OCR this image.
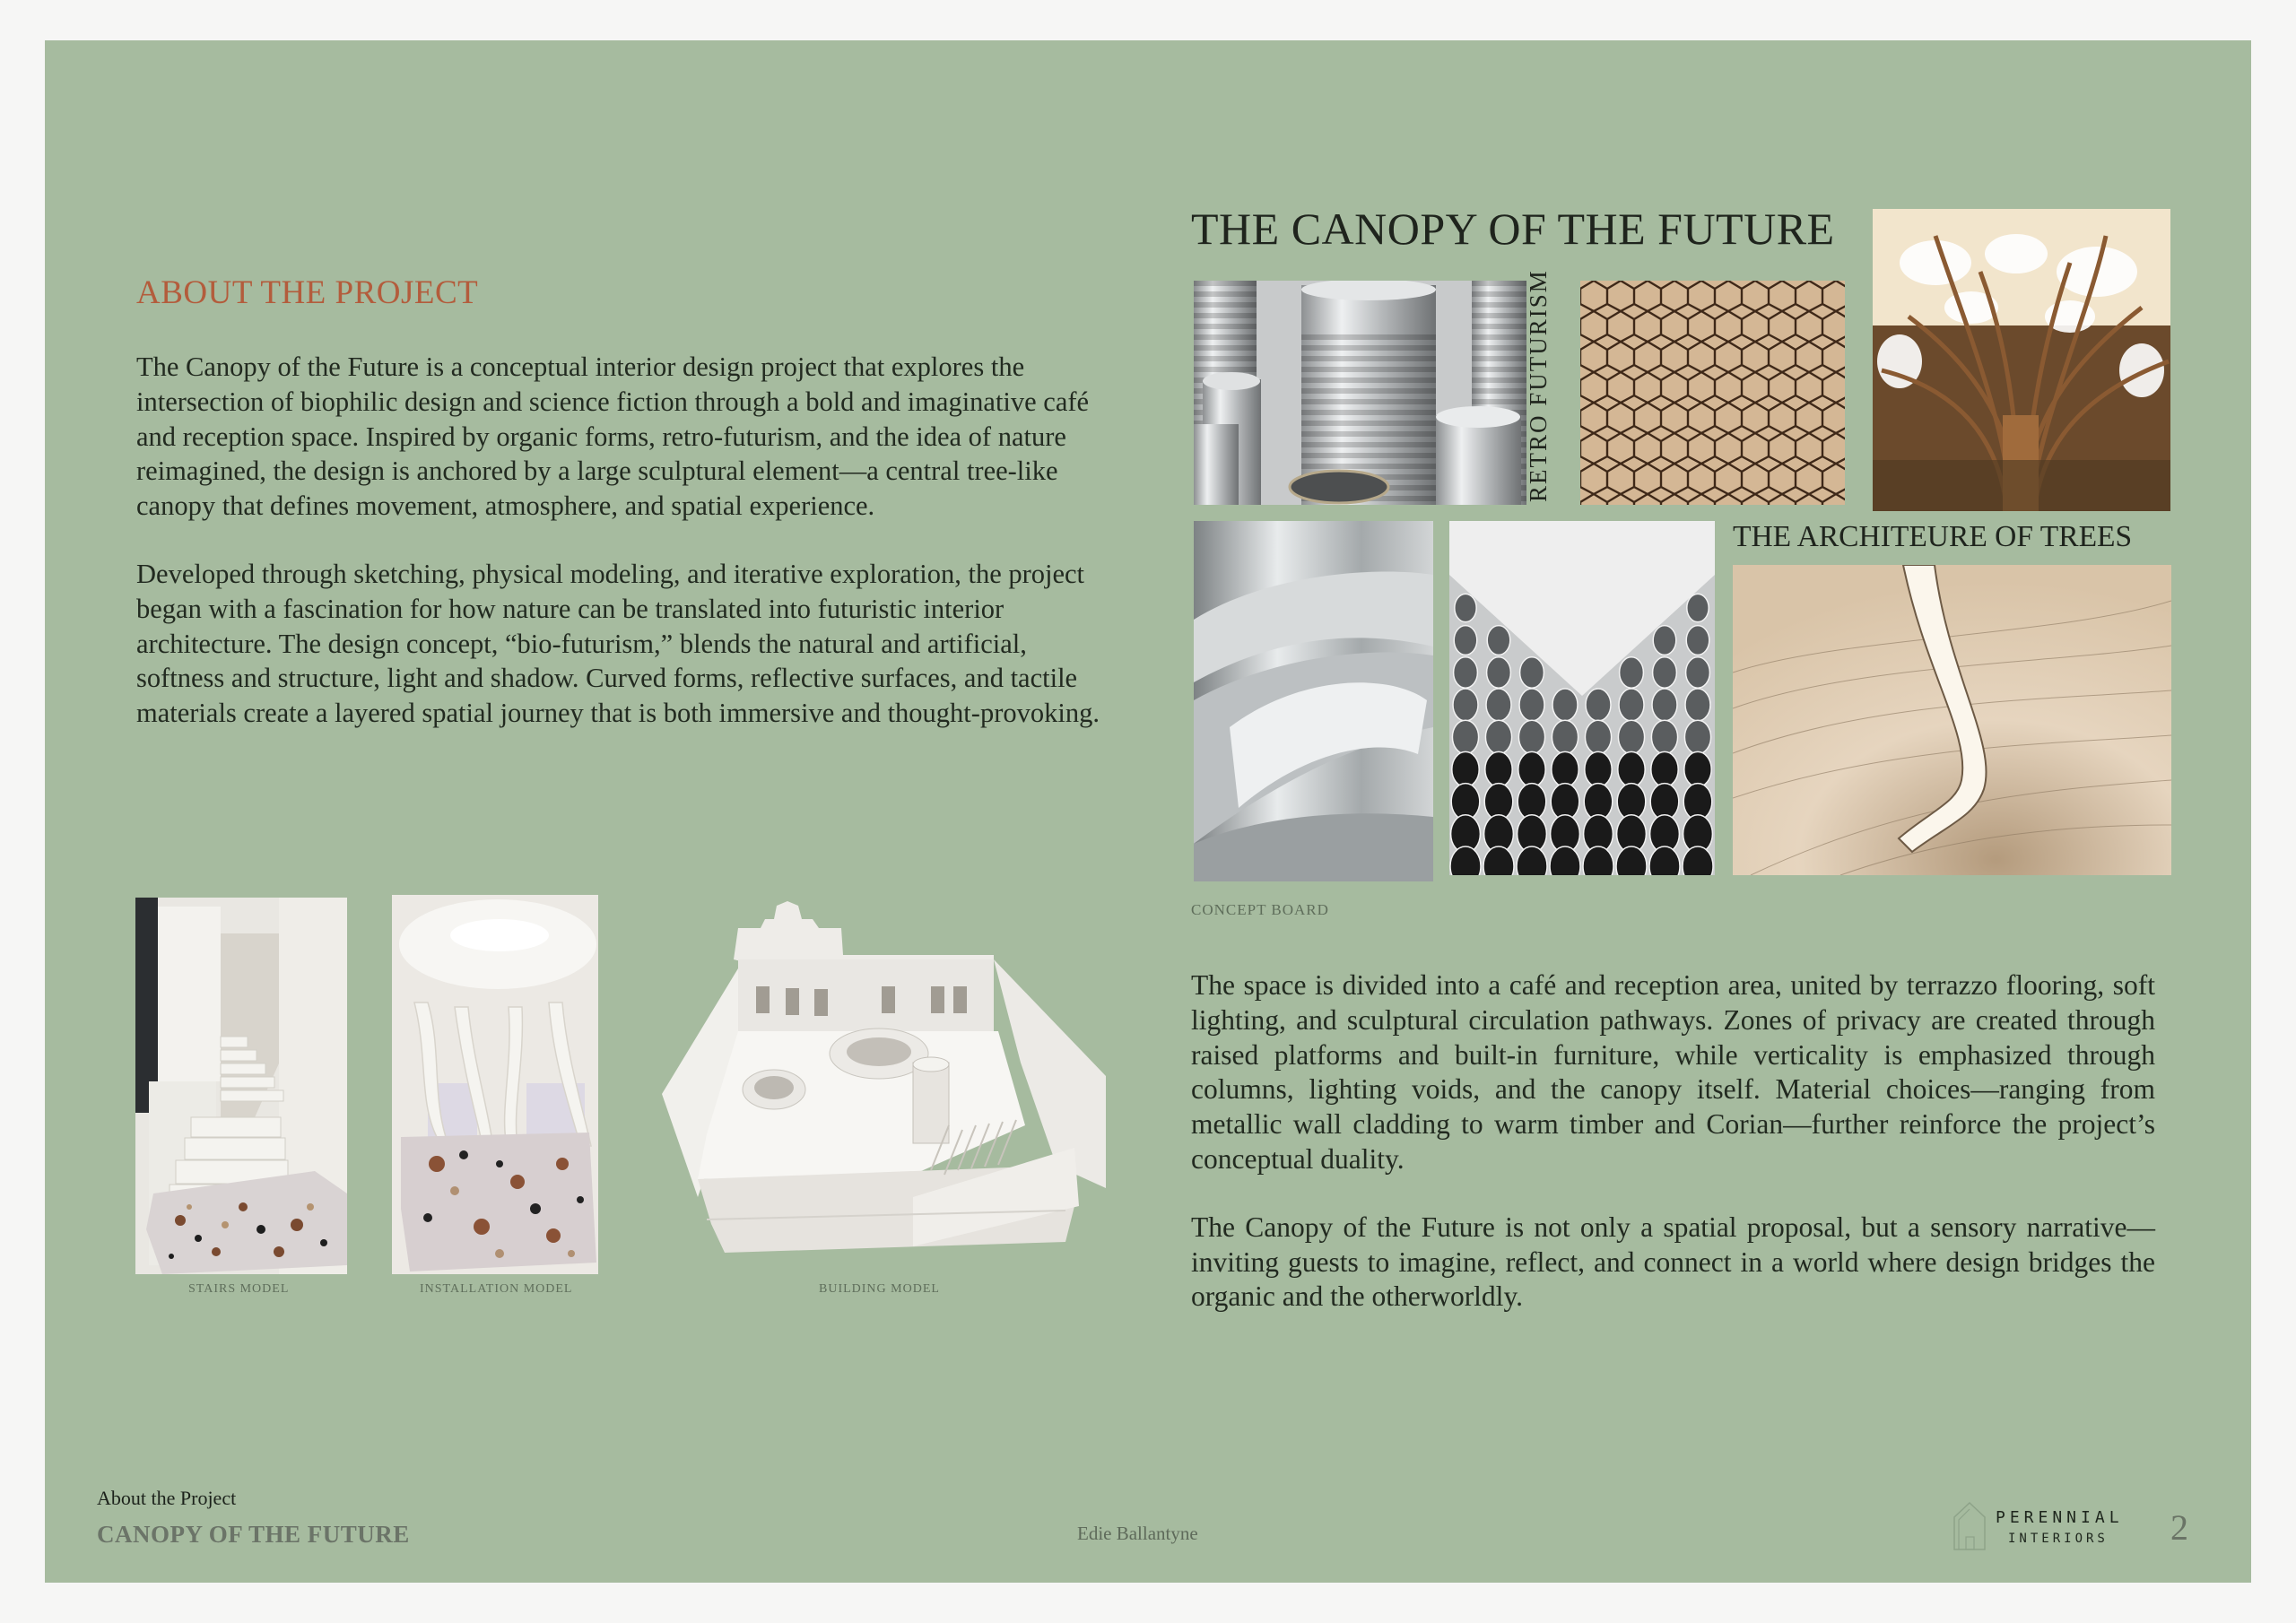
ABOUT THE PROJECT

The Canopy of the Future is a conceptual interior design project that explores the intersection of biophilic design and science fiction through a bold and imaginative café and reception space. Inspired by organic forms, retro-futurism, and the idea of nature reimagined, the design is anchored by a large sculptural element—a central tree-like canopy that defines movement, atmosphere, and spatial experience.

Developed through sketching, physical modeling, and iterative exploration, the project began with a fascination for how nature can be translated into futuristic interior architecture. The design concept, “bio-futurism,” blends the natural and artificial, softness and structure, light and shadow. Curved forms, reflective surfaces, and tactile materials create a layered spatial journey that is both immersive and thought-provoking.

STAIRS MODEL	INSTALLATION MODEL	BUILDING MODEL
THE CANOPY OF THE FUTURE
RETRO FUTURISM
THE ARCHITEURE OF TREES
CONCEPT BOARD

The space is divided into a café and reception area, united by terrazzo flooring, soft lighting, and sculptural circulation pathways. Zones of privacy are created through raised platforms and built-in furniture, while verticality is emphasized through columns, lighting voids, and the canopy itself. Material choices—ranging from metallic wall cladding to warm timber and Corian—further reinforce the project’s conceptual duality.

The Canopy of the Future is not only a spatial proposal, but a sensory narrative—inviting guests to imagine, reflect, and connect in a world where design bridges the organic and the otherworldly.

About the Project
CANOPY OF THE FUTURE	Edie Ballantyne
PERENNIAL
INTERIORS 2
